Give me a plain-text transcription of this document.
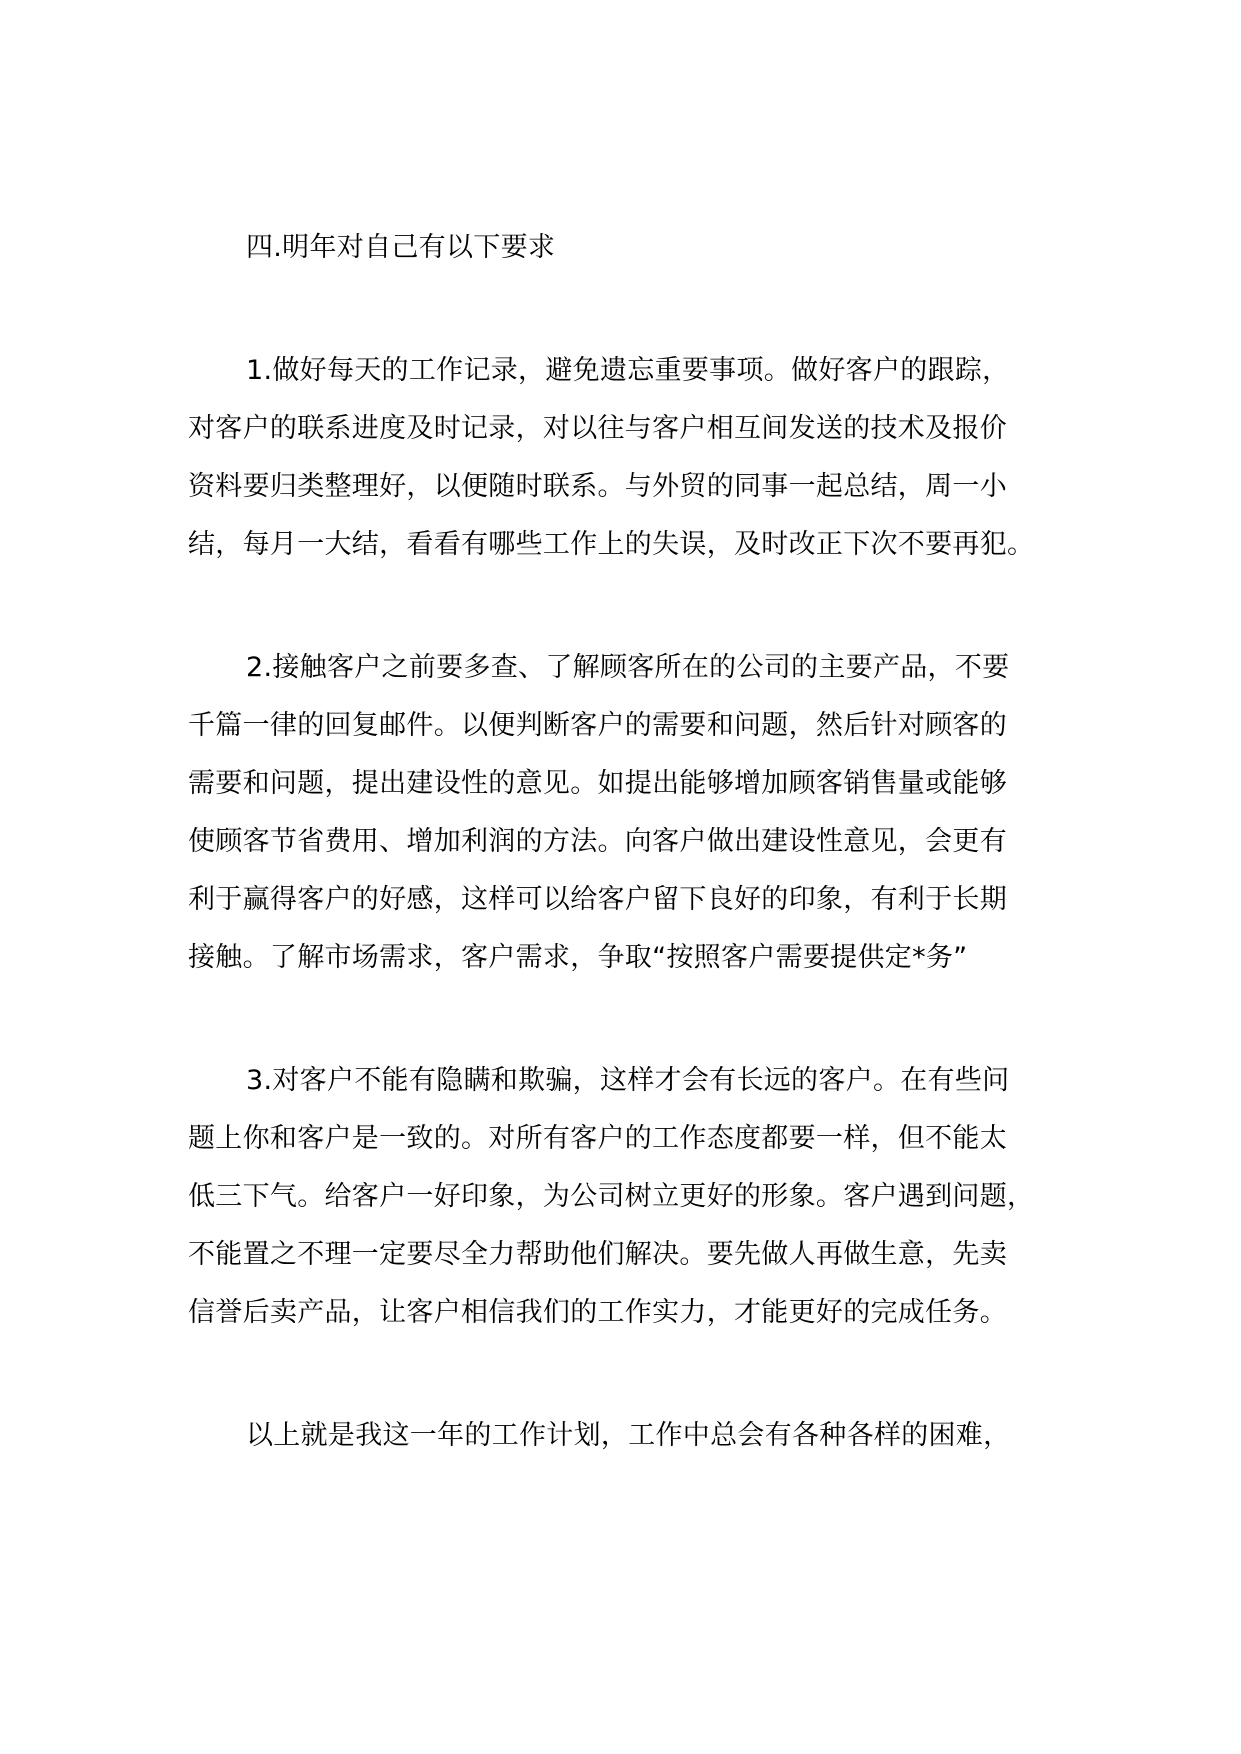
四.明年对自己有以下要求

1.做好每天的工作记录，避免遗忘重要事项。做好客户的跟踪，

对客户的联系进度及时记录，对以往与客户相互间发送的技术及报价

资料要归类整理好，以便随时联系。与外贸的同事一起总结，周一小

结，每月一大结，看看有哪些工作上的失误，及时改正下次不要再犯。

2.接触客户之前要多查、了解顾客所在的公司的主要产品，不要

千篇一律的回复邮件。以便判断客户的需要和问题，然后针对顾客的

需要和问题，提出建设性的意见。如提出能够增加顾客销售量或能够

使顾客节省费用、增加利润的方法。向客户做出建设性意见，会更有

利于赢得客户的好感，这样可以给客户留下良好的印象，有利于长期

接触。了解市场需求，客户需求，争取“按照客户需要提供定*务”

3.对客户不能有隐瞒和欺骗，这样才会有长远的客户。在有些问

题上你和客户是一致的。对所有客户的工作态度都要一样，但不能太

低三下气。给客户一好印象，为公司树立更好的形象。客户遇到问题，

不能置之不理一定要尽全力帮助他们解决。要先做人再做生意，先卖

信誉后卖产品，让客户相信我们的工作实力，才能更好的完成任务。

以上就是我这一年的工作计划，工作中总会有各种各样的困难，
